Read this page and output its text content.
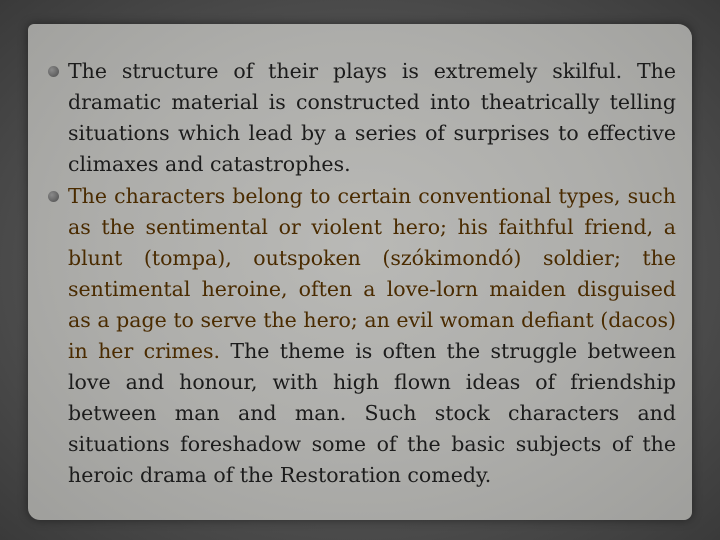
The structure of their plays is extremely skilful. The dramatic material is constructed into theatrically telling situations which lead by a series of surprises to effective climaxes and catastrophes.
The characters belong to certain conventional types, such as the sentimental or violent hero; his faithful friend, a blunt (tompa), outspoken (szókimondó) soldier; the sentimental heroine, often a love-lorn maiden disguised as a page to serve the hero; an evil woman defiant (dacos) in her crimes. The theme is often the struggle between love and honour, with high flown ideas of friendship between man and man. Such stock characters and situations foreshadow some of the basic subjects of the heroic drama of the Restoration comedy.
